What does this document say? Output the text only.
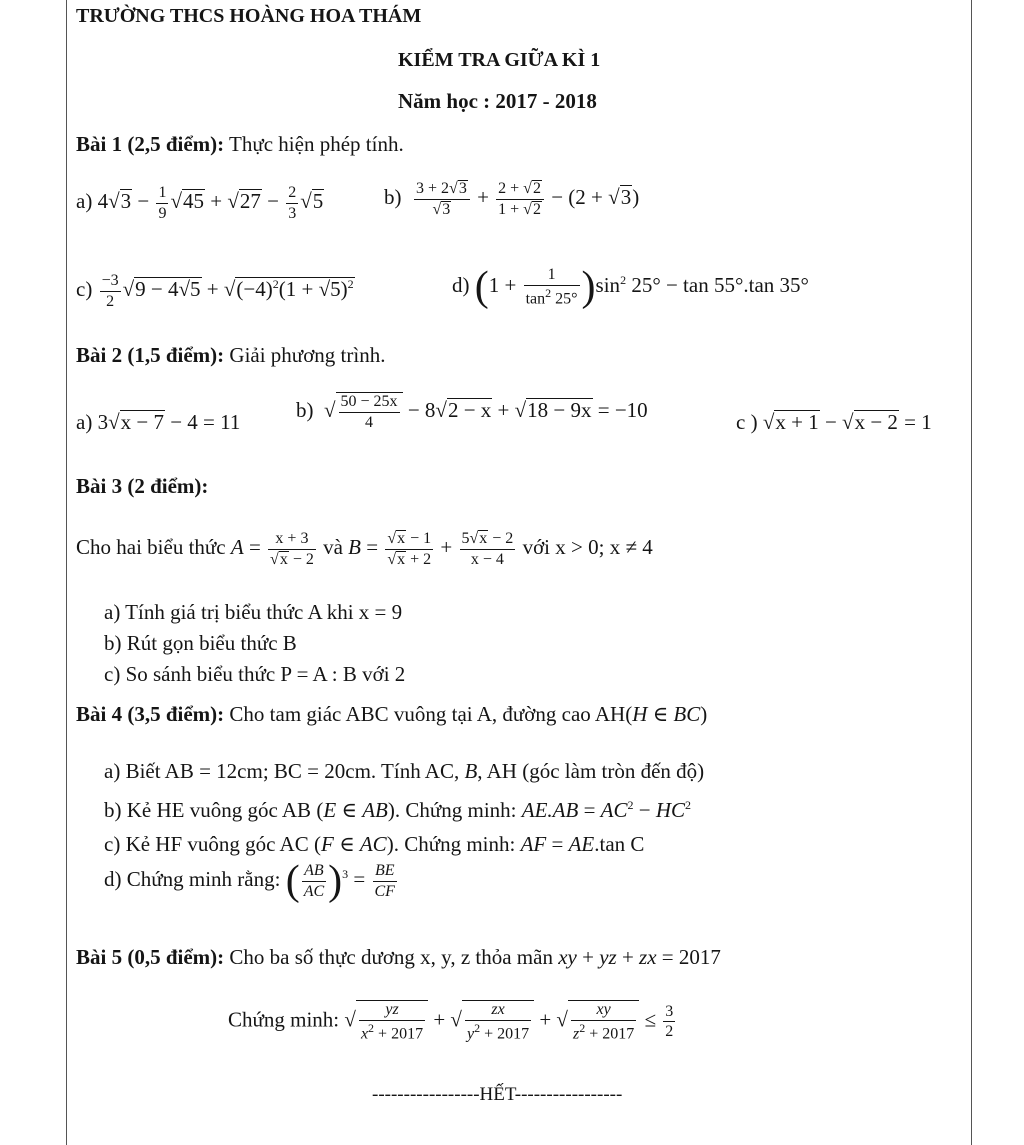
TRƯỜNG THCS HOÀNG HOA THÁM
KIỂM TRA GIỮA KÌ 1
Năm học : 2017 - 2018
Bài 1 (2,5 điểm): Thực hiện phép tính.
a) $4√3 - \frac{1}{9} √45 + √27 - \frac{2}{3} √5$	$b) \frac{3 + 2√3}{√3} + \frac{2 + √2}{1 + √2} - (2 + √3)$
$c) \frac{-3}{2} √9 - 4√5 + √(-4)^2(1 + √5)^2$	d) $(1 + \frac{1}{\tan^2 25^\circ} )\sin^2$ 25° − tan 55°.tan 35°
Bài 2 (1,5 điểm): Giải phương trình.
a) 3√x − 7 − 4 = 11
b)  √ $\frac{50 - 25x}{4} - 8√2 - x + √18 - 9x = -10$
c ) √x + 1 − √x − 2 = 1
Bài 3 (2 điểm):
Cho hai biểu thức $A = \frac{x + 3}{√x - 2}$ và $B = \frac{√x - 1}{√x + 2} + \frac{5√x - 2}{x - 4}$ với x > 0; x ≠ 4
a) Tính giá trị biểu thức A khi x = 9
b) Rút gọn biểu thức B
c) So sánh biểu thức P = A : B với 2
Bài 4 (3,5 điểm): Cho tam giác ABC vuông tại A, đường cao AH(H ∈ BC)
a) Biết AB = 12cm; BC = 20cm. Tính AC, B, AH (góc làm tròn đến độ)
b) Kẻ HE vuông góc AB (E ∈ AB). Chứng minh: $AE.AB = AC^2 - HC^2$
c) Kẻ HF vuông góc AC (F ∈ AC). Chứng minh: AF = AE.tan C
d) Chứng minh rằng: ( $\frac{AB}{AC} )^3 = \frac{BE}{CF}$
Bài 5 (0,5 điểm): Cho ba số thực dương x, y, z thỏa mãn xy + yz + zx = 2017
Chứng minh: √ $\frac{yz}{x^2 + 2017}$ + √ $\frac{zx}{y^2 + 2017}$ + √ $\frac{xy}{z^2 + 2017} \le \frac{3}{2}$
-----------------HẾT-----------------
